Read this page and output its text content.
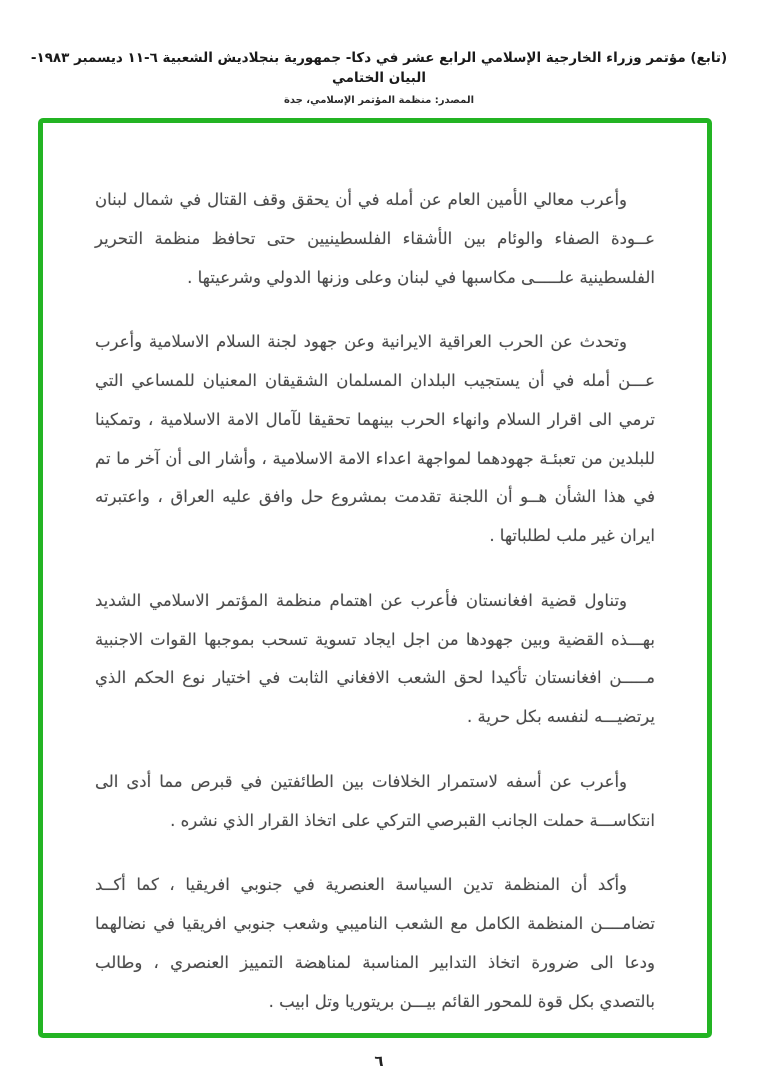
(تابع) مؤتمر وزراء الخارجية الإسلامي الرابع عشر في دكا- جمهورية بنجلاديش الشعبية ٦-١١ ديسمبر ١٩٨٣- البيان الختامي
المصدر: منظمة المؤتمر الإسلامي، جدة

وأعرب معالي الأمين العام عن أمله في أن يحقق وقف القتال في شمال لبنان عــودة الصفاء والوئام بين الأشقاء الفلسطينيين حتى تحافظ منظمة التحرير الفلسطينية علـــــى مكاسبها في لبنان وعلى وزنها الدولي وشرعيتها .

وتحدث عن الحرب العراقية الايرانية وعن جهود لجنة السلام الاسلامية وأعرب عـــن أمله في أن يستجيب البلدان المسلمان الشقيقان المعنيان للمساعي التي ترمي الى اقرار السلام وانهاء الحرب بينهما تحقيقا لآمال الامة الاسلامية ، وتمكينا للبلدين من تعبئـة جهودهما لمواجهة اعداء الامة الاسلامية ، وأشار الى أن آخر ما تم في هذا الشأن هــو أن اللجنة تقدمت بمشروع حل وافق عليه العراق ، واعتبرته ايران غير ملب لطلباتها .

وتناول قضية افغانستان فأعرب عن اهتمام منظمة المؤتمر الاسلامي الشديد بهـــذه القضية وبين جهودها من اجل ايجاد تسوية تسحب بموجبها القوات الاجنبية مـــــن افغانستان تأكيدا لحق الشعب الافغاني الثابت في اختيار نوع الحكم الذي يرتضيـــه لنفسه بكل حرية .

وأعرب عن أسفه لاستمرار الخلافات بين الطائفتين في قبرص مما أدى الى انتكاســـة حملت الجانب القبرصي التركي على اتخاذ القرار الذي نشره .

وأكد أن المنظمة تدين السياسة العنصرية في جنوبي افريقيا ، كما أكــد تضامــــن المنظمة الكامل مع الشعب الناميبي وشعب جنوبي افريقيا في نضالهما ودعا الى ضرورة اتخاذ التدابير المناسبة لمناهضة التمييز العنصري ، وطالب بالتصدي بكل قوة للمحور القائم بيـــن بريتوريا وتل ابيب .

٦
